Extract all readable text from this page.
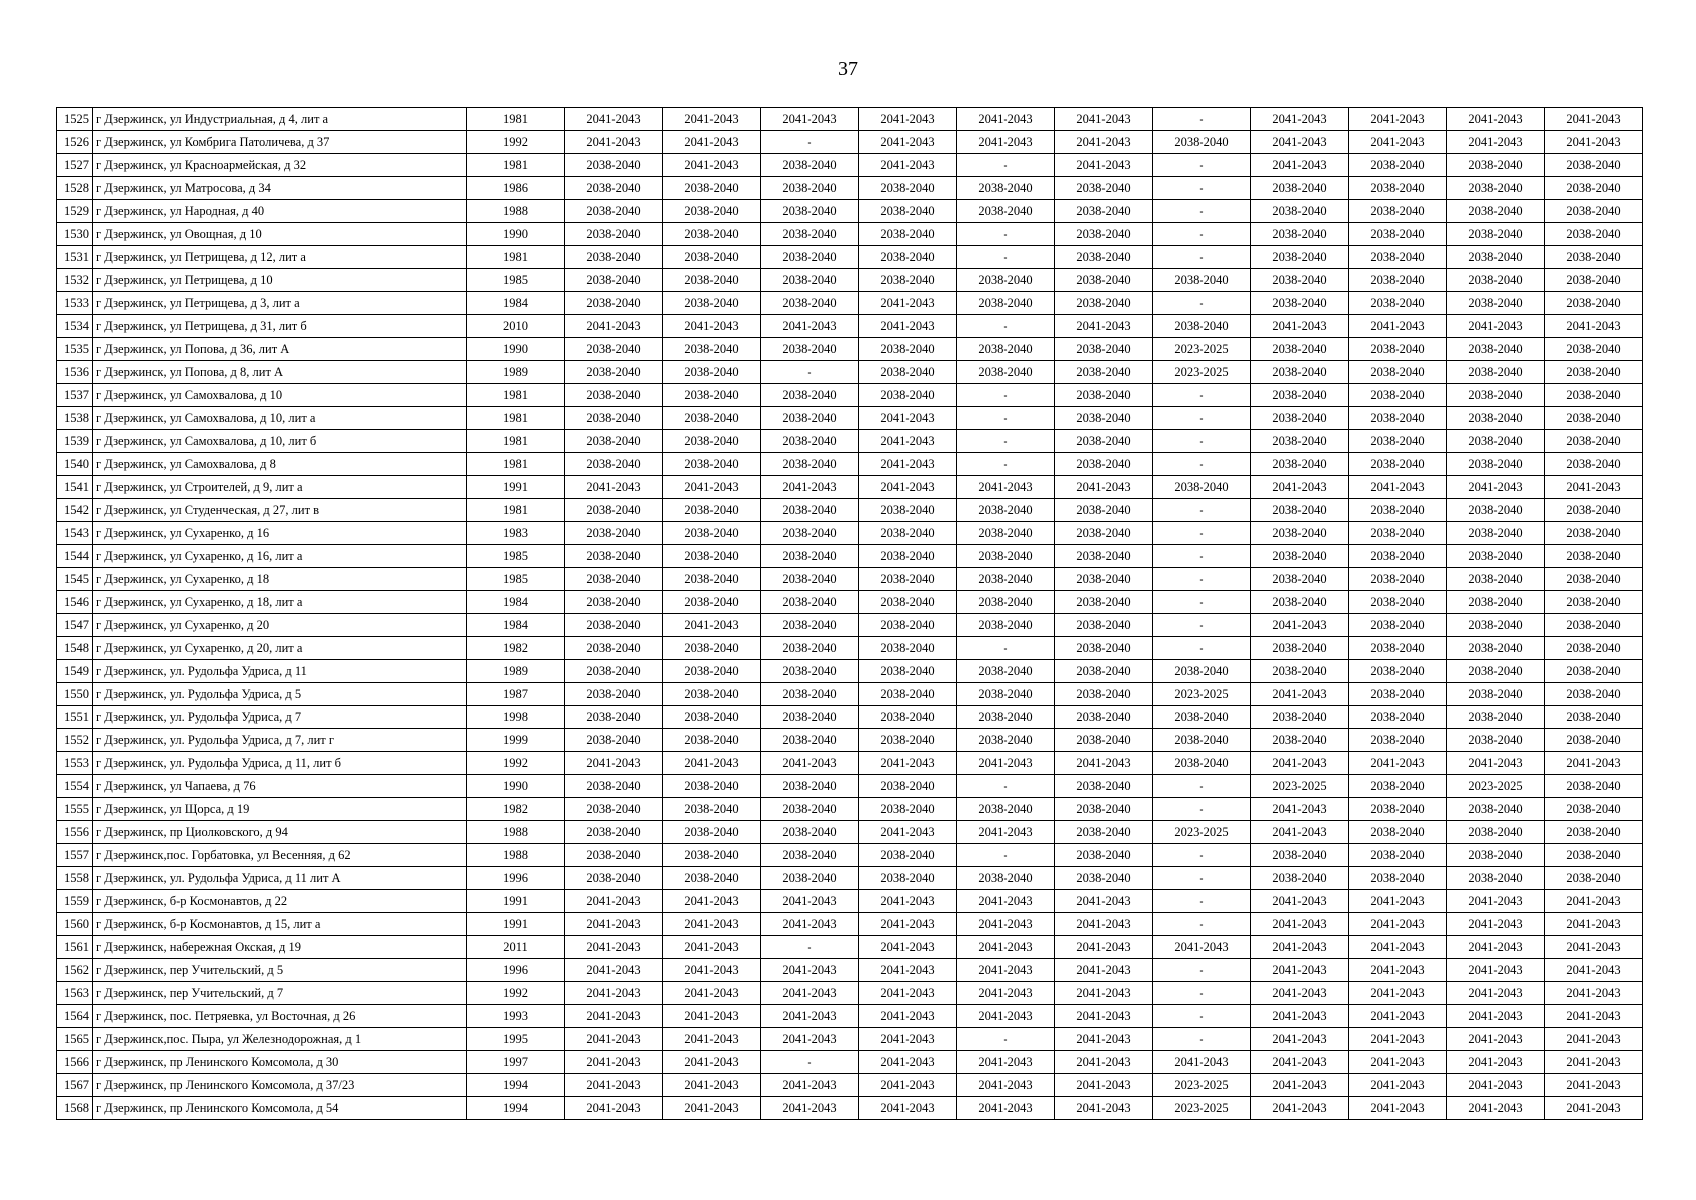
37
1525	г Дзержинск, ул Индустриальная, д 4, лит а	1981	2041-2043	2041-2043	2041-2043	2041-2043	2041-2043	2041-2043	-	2041-2043	2041-2043	2041-2043	2041-2043
1526	г Дзержинск, ул Комбрига Патоличева, д 37	1992	2041-2043	2041-2043	-	2041-2043	2041-2043	2041-2043	2038-2040	2041-2043	2041-2043	2041-2043	2041-2043
1527	г Дзержинск, ул Красноармейская, д 32	1981	2038-2040	2041-2043	2038-2040	2041-2043	-	2041-2043	-	2041-2043	2038-2040	2038-2040	2038-2040
1528	г Дзержинск, ул Матросова, д 34	1986	2038-2040	2038-2040	2038-2040	2038-2040	2038-2040	2038-2040	-	2038-2040	2038-2040	2038-2040	2038-2040
1529	г Дзержинск, ул Народная, д 40	1988	2038-2040	2038-2040	2038-2040	2038-2040	2038-2040	2038-2040	-	2038-2040	2038-2040	2038-2040	2038-2040
1530	г Дзержинск, ул Овощная, д 10	1990	2038-2040	2038-2040	2038-2040	2038-2040	-	2038-2040	-	2038-2040	2038-2040	2038-2040	2038-2040
1531	г Дзержинск, ул Петрищева, д 12, лит а	1981	2038-2040	2038-2040	2038-2040	2038-2040	-	2038-2040	-	2038-2040	2038-2040	2038-2040	2038-2040
1532	г Дзержинск, ул Петрищева, д 10	1985	2038-2040	2038-2040	2038-2040	2038-2040	2038-2040	2038-2040	2038-2040	2038-2040	2038-2040	2038-2040	2038-2040
1533	г Дзержинск, ул Петрищева, д 3, лит а	1984	2038-2040	2038-2040	2038-2040	2041-2043	2038-2040	2038-2040	-	2038-2040	2038-2040	2038-2040	2038-2040
1534	г Дзержинск, ул Петрищева, д 31, лит б	2010	2041-2043	2041-2043	2041-2043	2041-2043	-	2041-2043	2038-2040	2041-2043	2041-2043	2041-2043	2041-2043
1535	г Дзержинск, ул Попова, д 36, лит А	1990	2038-2040	2038-2040	2038-2040	2038-2040	2038-2040	2038-2040	2023-2025	2038-2040	2038-2040	2038-2040	2038-2040
1536	г Дзержинск, ул Попова, д 8, лит А	1989	2038-2040	2038-2040	-	2038-2040	2038-2040	2038-2040	2023-2025	2038-2040	2038-2040	2038-2040	2038-2040
1537	г Дзержинск, ул Самохвалова, д 10	1981	2038-2040	2038-2040	2038-2040	2038-2040	-	2038-2040	-	2038-2040	2038-2040	2038-2040	2038-2040
1538	г Дзержинск, ул Самохвалова, д 10, лит а	1981	2038-2040	2038-2040	2038-2040	2041-2043	-	2038-2040	-	2038-2040	2038-2040	2038-2040	2038-2040
1539	г Дзержинск, ул Самохвалова, д 10, лит б	1981	2038-2040	2038-2040	2038-2040	2041-2043	-	2038-2040	-	2038-2040	2038-2040	2038-2040	2038-2040
1540	г Дзержинск, ул Самохвалова, д 8	1981	2038-2040	2038-2040	2038-2040	2041-2043	-	2038-2040	-	2038-2040	2038-2040	2038-2040	2038-2040
1541	г Дзержинск, ул Строителей, д 9, лит а	1991	2041-2043	2041-2043	2041-2043	2041-2043	2041-2043	2041-2043	2038-2040	2041-2043	2041-2043	2041-2043	2041-2043
1542	г Дзержинск, ул Студенческая, д 27, лит в	1981	2038-2040	2038-2040	2038-2040	2038-2040	2038-2040	2038-2040	-	2038-2040	2038-2040	2038-2040	2038-2040
1543	г Дзержинск, ул Сухаренко, д 16	1983	2038-2040	2038-2040	2038-2040	2038-2040	2038-2040	2038-2040	-	2038-2040	2038-2040	2038-2040	2038-2040
1544	г Дзержинск, ул Сухаренко, д 16, лит а	1985	2038-2040	2038-2040	2038-2040	2038-2040	2038-2040	2038-2040	-	2038-2040	2038-2040	2038-2040	2038-2040
1545	г Дзержинск, ул Сухаренко, д 18	1985	2038-2040	2038-2040	2038-2040	2038-2040	2038-2040	2038-2040	-	2038-2040	2038-2040	2038-2040	2038-2040
1546	г Дзержинск, ул Сухаренко, д 18, лит а	1984	2038-2040	2038-2040	2038-2040	2038-2040	2038-2040	2038-2040	-	2038-2040	2038-2040	2038-2040	2038-2040
1547	г Дзержинск, ул Сухаренко, д 20	1984	2038-2040	2041-2043	2038-2040	2038-2040	2038-2040	2038-2040	-	2041-2043	2038-2040	2038-2040	2038-2040
1548	г Дзержинск, ул Сухаренко, д 20, лит а	1982	2038-2040	2038-2040	2038-2040	2038-2040	-	2038-2040	-	2038-2040	2038-2040	2038-2040	2038-2040
1549	г Дзержинск, ул. Рудольфа Удриса, д 11	1989	2038-2040	2038-2040	2038-2040	2038-2040	2038-2040	2038-2040	2038-2040	2038-2040	2038-2040	2038-2040	2038-2040
1550	г Дзержинск, ул. Рудольфа Удриса, д 5	1987	2038-2040	2038-2040	2038-2040	2038-2040	2038-2040	2038-2040	2023-2025	2041-2043	2038-2040	2038-2040	2038-2040
1551	г Дзержинск, ул. Рудольфа Удриса, д 7	1998	2038-2040	2038-2040	2038-2040	2038-2040	2038-2040	2038-2040	2038-2040	2038-2040	2038-2040	2038-2040	2038-2040
1552	г Дзержинск, ул. Рудольфа Удриса, д 7, лит г	1999	2038-2040	2038-2040	2038-2040	2038-2040	2038-2040	2038-2040	2038-2040	2038-2040	2038-2040	2038-2040	2038-2040
1553	г Дзержинск, ул. Рудольфа Удриса, д 11, лит б	1992	2041-2043	2041-2043	2041-2043	2041-2043	2041-2043	2041-2043	2038-2040	2041-2043	2041-2043	2041-2043	2041-2043
1554	г Дзержинск, ул Чапаева, д 76	1990	2038-2040	2038-2040	2038-2040	2038-2040	-	2038-2040	-	2023-2025	2038-2040	2023-2025	2038-2040
1555	г Дзержинск, ул Щорса, д 19	1982	2038-2040	2038-2040	2038-2040	2038-2040	2038-2040	2038-2040	-	2041-2043	2038-2040	2038-2040	2038-2040
1556	г Дзержинск, пр Циолковского, д 94	1988	2038-2040	2038-2040	2038-2040	2041-2043	2041-2043	2038-2040	2023-2025	2041-2043	2038-2040	2038-2040	2038-2040
1557	г Дзержинск,пос. Горбатовка, ул Весенняя, д 62	1988	2038-2040	2038-2040	2038-2040	2038-2040	-	2038-2040	-	2038-2040	2038-2040	2038-2040	2038-2040
1558	г Дзержинск, ул. Рудольфа Удриса, д 11 лит А	1996	2038-2040	2038-2040	2038-2040	2038-2040	2038-2040	2038-2040	-	2038-2040	2038-2040	2038-2040	2038-2040
1559	г Дзержинск, б-р Космонавтов, д 22	1991	2041-2043	2041-2043	2041-2043	2041-2043	2041-2043	2041-2043	-	2041-2043	2041-2043	2041-2043	2041-2043
1560	г Дзержинск, б-р Космонавтов, д 15, лит а	1991	2041-2043	2041-2043	2041-2043	2041-2043	2041-2043	2041-2043	-	2041-2043	2041-2043	2041-2043	2041-2043
1561	г Дзержинск, набережная Окская, д 19	2011	2041-2043	2041-2043	-	2041-2043	2041-2043	2041-2043	2041-2043	2041-2043	2041-2043	2041-2043	2041-2043
1562	г Дзержинск, пер Учительский, д 5	1996	2041-2043	2041-2043	2041-2043	2041-2043	2041-2043	2041-2043	-	2041-2043	2041-2043	2041-2043	2041-2043
1563	г Дзержинск, пер Учительский, д 7	1992	2041-2043	2041-2043	2041-2043	2041-2043	2041-2043	2041-2043	-	2041-2043	2041-2043	2041-2043	2041-2043
1564	г Дзержинск, пос. Петряевка, ул Восточная, д 26	1993	2041-2043	2041-2043	2041-2043	2041-2043	2041-2043	2041-2043	-	2041-2043	2041-2043	2041-2043	2041-2043
1565	г Дзержинск,пос. Пыра, ул Железнодорожная, д 1	1995	2041-2043	2041-2043	2041-2043	2041-2043	-	2041-2043	-	2041-2043	2041-2043	2041-2043	2041-2043
1566	г Дзержинск, пр Ленинского Комсомола, д 30	1997	2041-2043	2041-2043	-	2041-2043	2041-2043	2041-2043	2041-2043	2041-2043	2041-2043	2041-2043	2041-2043
1567	г Дзержинск, пр Ленинского Комсомола, д 37/23	1994	2041-2043	2041-2043	2041-2043	2041-2043	2041-2043	2041-2043	2023-2025	2041-2043	2041-2043	2041-2043	2041-2043
1568	г Дзержинск, пр Ленинского Комсомола, д 54	1994	2041-2043	2041-2043	2041-2043	2041-2043	2041-2043	2041-2043	2023-2025	2041-2043	2041-2043	2041-2043	2041-2043
